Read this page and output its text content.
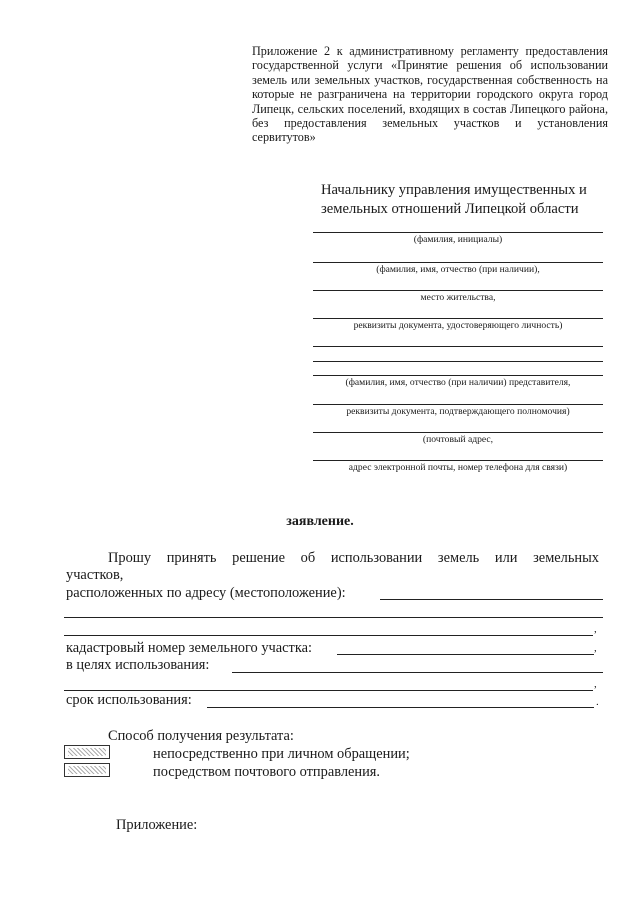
Приложение 2 к административному регламенту предоставления государственной услуги «Принятие решения об использовании земель или земельных участков, государственная собственность на которые не разграничена на территории городского округа город Липецк, сельских поселений, входящих в состав Липецкого района, без предоставления земельных участков и установления
сервитутов»
Начальнику управления имущественных и земельных отношений Липецкой области
(фамилия, инициалы)
(фамилия, имя, отчество (при наличии),
место жительства,
реквизиты документа, удостоверяющего личность)
(фамилия, имя, отчество (при наличии) представителя,
реквизиты документа, подтверждающего полномочия)
(почтовый адрес,
адрес электронной почты, номер телефона для связи)
заявление.
Прошу принять решение об использовании земель или земельных
участков,
расположенных по адресу (местоположение):
,
кадастровый номер земельного участка:	,
в целях использования:
,
срок использования:	.
Способ получения результата:
непосредственно при личном обращении;
посредством почтового отправления.
Приложение:
